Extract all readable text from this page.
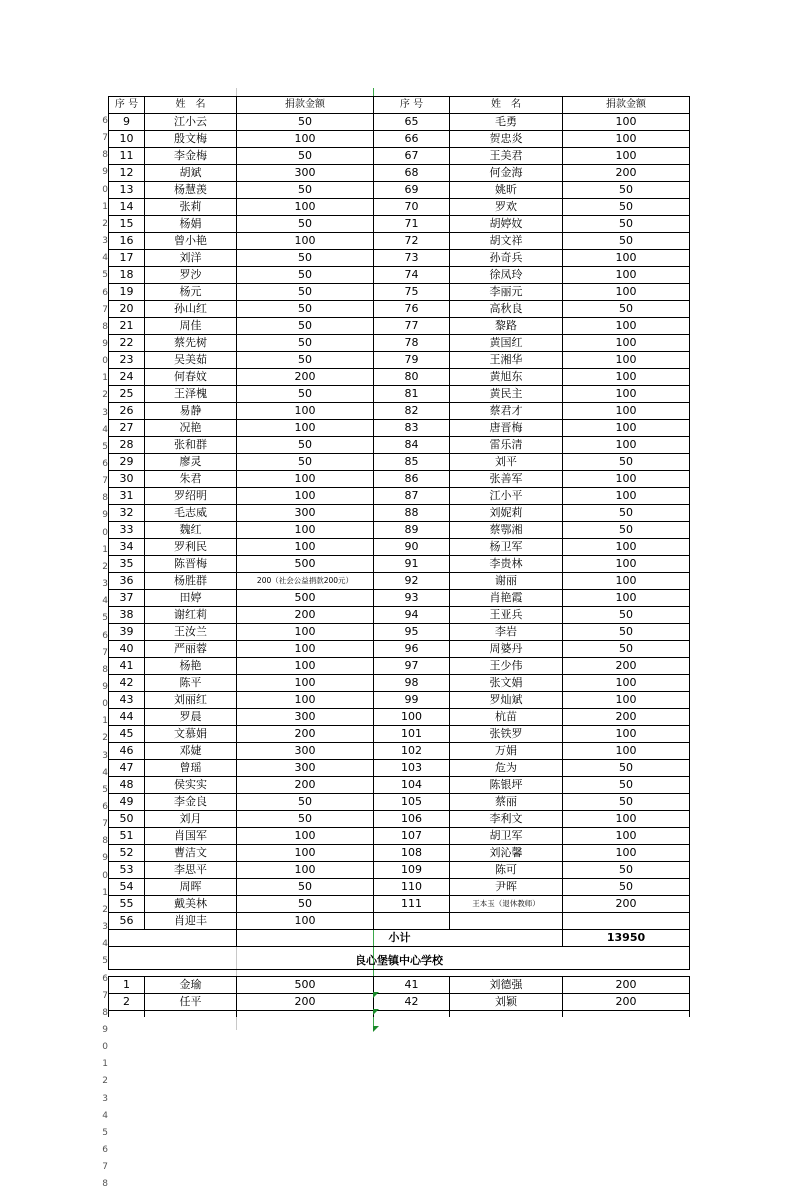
6
7
8
9
0
1
2
3
4
5
6
7
8
9
0
1
2
3
4
5
6
7
8
9
0
1
2
3
4
5
6
7
8
9
0
1
2
3
4
5
6
7
8
9
0
1
2
3
4
5
6
7
8
9
0
1
2
3
4
5
6
7
8
序 号	姓　名	捐款金额	序 号	姓　名	捐款金额
9	江小云	50	65	毛勇	100
10	殷文梅	100	66	贺忠炎	100
11	李金梅	50	67	王美君	100
12	胡斌	300	68	何金海	200
13	杨慧羡	50	69	姚昕	50
14	张莉	100	70	罗欢	50
15	杨娟	50	71	胡婷妏	50
16	曾小艳	100	72	胡文祥	50
17	刘洋	50	73	孙奇兵	100
18	罗沙	50	74	徐凤玲	100
19	杨元	50	75	李丽元	100
20	孙山红	50	76	高秋良	50
21	周佳	50	77	黎路	100
22	蔡先树	50	78	黄国红	100
23	吴美茹	50	79	王湘华	100
24	何春妏	200	80	黄旭东	100
25	王泽槐	50	81	黄民主	100
26	易静	100	82	蔡君才	100
27	况艳	100	83	唐晋梅	100
28	张和群	50	84	雷乐清	100
29	廖灵	50	85	刘平	50
30	朱君	100	86	张善军	100
31	罗绍明	100	87	江小平	100
32	毛志威	300	88	刘妮莉	50
33	魏红	100	89	蔡鄂湘	50
34	罗利民	100	90	杨卫军	100
35	陈晋梅	500	91	李贵林	100
36	杨胜群	200（社会公益捐款200元）	92	谢丽	100
37	田婷	500	93	肖艳霞	100
38	谢红莉	200	94	王亚兵	50
39	王汝兰	100	95	李岩	50
40	严丽蓉	100	96	周婆丹	50
41	杨艳	100	97	王少伟	200
42	陈平	100	98	张文娟	100
43	刘丽红	100	99	罗灿斌	100
44	罗晨	300	100	杭苗	200
45	文慕娟	200	101	张铁罗	100
46	邓婕	300	102	万娟	100
47	曾瑶	300	103	危为	50
48	侯实实	200	104	陈银坪	50
49	李金良	50	105	蔡丽	50
50	刘月	50	106	李利文	100
51	肖国军	100	107	胡卫军	100
52	曹洁文	100	108	刘沁馨	100
53	李思平	100	109	陈可	50
54	周晖	50	110	尹晖	50
55	戴美林	50	111	王本玉（退休教师）	200
56	肖迎丰	100			
		小计			13950
良心堡镇中心学校					

1	金瑜	500	41	刘德强	200
2	任平	200	42	刘颖	200
